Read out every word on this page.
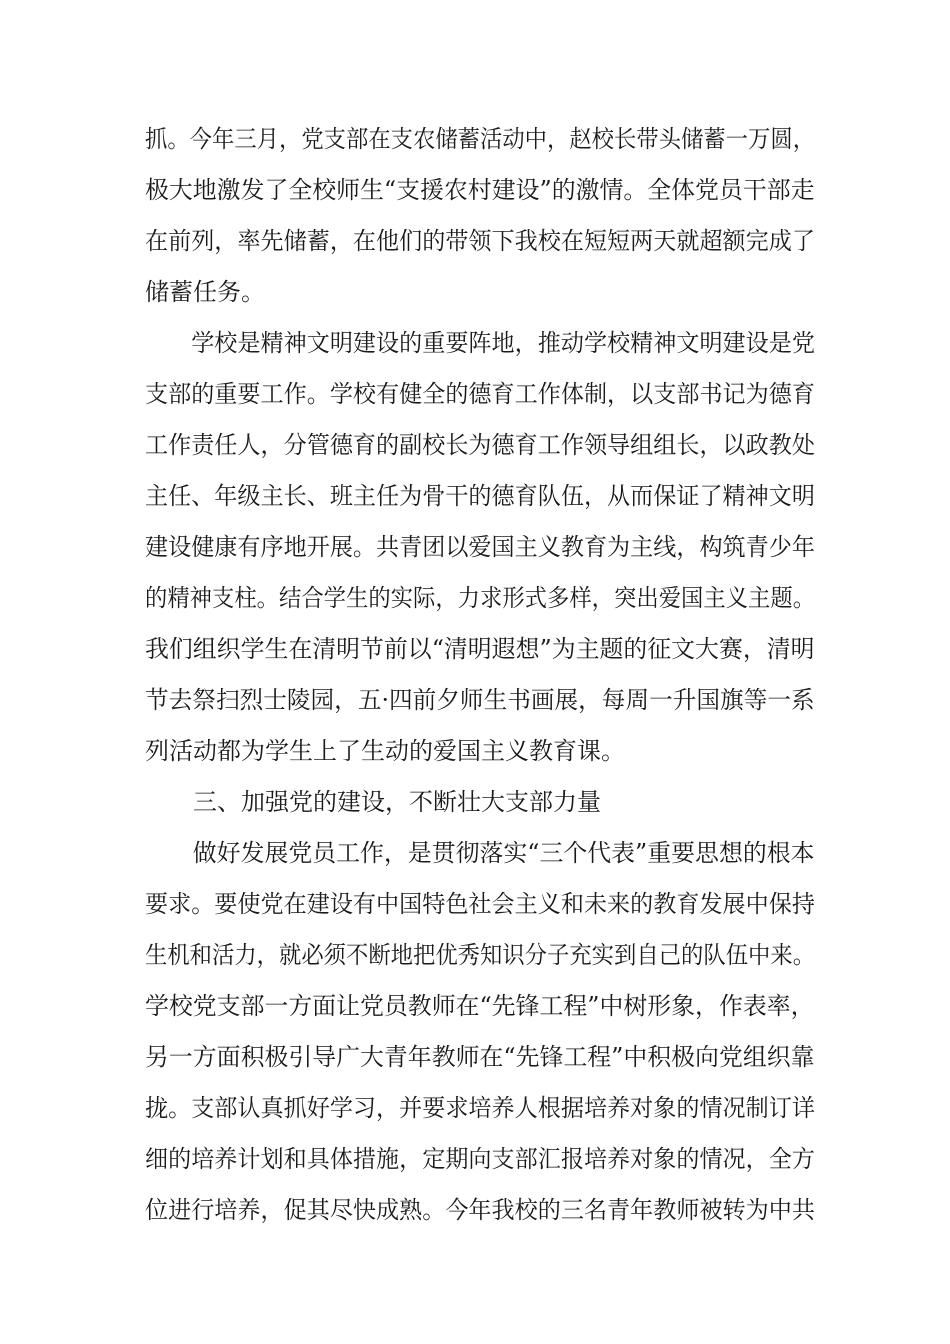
抓。今年三月，党支部在支农储蓄活动中，赵校长带头储蓄一万圆，
极大地激发了全校师生“支援农村建设”的激情。全体党员干部走
在前列，率先储蓄，在他们的带领下我校在短短两天就超额完成了
储蓄任务。
学校是精神文明建设的重要阵地，推动学校精神文明建设是党
支部的重要工作。学校有健全的德育工作体制，以支部书记为德育
工作责任人，分管德育的副校长为德育工作领导组组长，以政教处
主任、年级主长、班主任为骨干的德育队伍，从而保证了精神文明
建设健康有序地开展。共青团以爱国主义教育为主线，构筑青少年
的精神支柱。结合学生的实际，力求形式多样，突出爱国主义主题。
我们组织学生在清明节前以“清明遐想”为主题的征文大赛，清明
节去祭扫烈士陵园，五·四前夕师生书画展，每周一升国旗等一系
列活动都为学生上了生动的爱国主义教育课。
三、加强党的建设，不断壮大支部力量
做好发展党员工作，是贯彻落实“三个代表”重要思想的根本
要求。要使党在建设有中国特色社会主义和未来的教育发展中保持
生机和活力，就必须不断地把优秀知识分子充实到自己的队伍中来。
学校党支部一方面让党员教师在“先锋工程”中树形象，作表率，
另一方面积极引导广大青年教师在“先锋工程”中积极向党组织靠
拢。支部认真抓好学习，并要求培养人根据培养对象的情况制订详
细的培养计划和具体措施，定期向支部汇报培养对象的情况，全方
位进行培养，促其尽快成熟。今年我校的三名青年教师被转为中共
